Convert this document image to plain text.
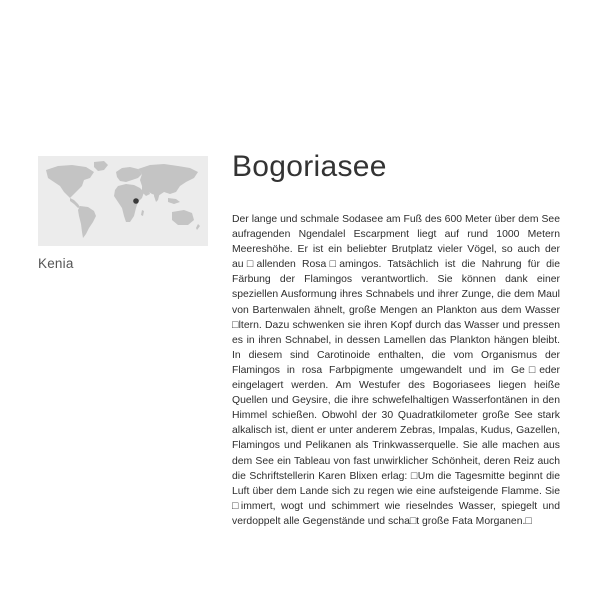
Kenia
Bogoriasee

Der lange und schmale Sodasee am Fuß des 600 Meter über dem See aufragenden Ngendalel Escarpment liegt auf rund 1000 Metern Meereshöhe. Er ist ein beliebter Brutplatz vieler Vögel, so auch der au□allenden Rosa□amingos. Tatsächlich ist die Nahrung für die Färbung der Flamingos verantwortlich. Sie können dank einer speziellen Ausformung ihres Schnabels und ihrer Zunge, die dem Maul von Bartenwalen ähnelt, große Mengen an Plankton aus dem Wasser □ltern. Dazu schwenken sie ihren Kopf durch das Wasser und pressen es in ihren Schnabel, in dessen Lamellen das Plankton hängen bleibt. In diesem sind Carotinoide enthalten, die vom Organismus der Flamingos in rosa Farbpigmente umgewandelt und im Ge□eder eingelagert werden. Am Westufer des Bogoriasees liegen heiße Quellen und Geysire, die ihre schwefelhaltigen Wasserfontänen in den Himmel schießen. Obwohl der 30 Quadratkilometer große See stark alkalisch ist, dient er unter anderem Zebras, Impalas, Kudus, Gazellen, Flamingos und Pelikanen als Trinkwasserquelle. Sie alle machen aus dem See ein Tableau von fast unwirklicher Schönheit, deren Reiz auch die Schriftstellerin Karen Blixen erlag: □Um die Tagesmitte beginnt die Luft über dem Lande sich zu regen wie eine aufsteigende Flamme. Sie □immert, wogt und schimmert wie rieselndes Wasser, spiegelt und verdoppelt alle Gegenstände und scha□t große Fata Morganen.□
